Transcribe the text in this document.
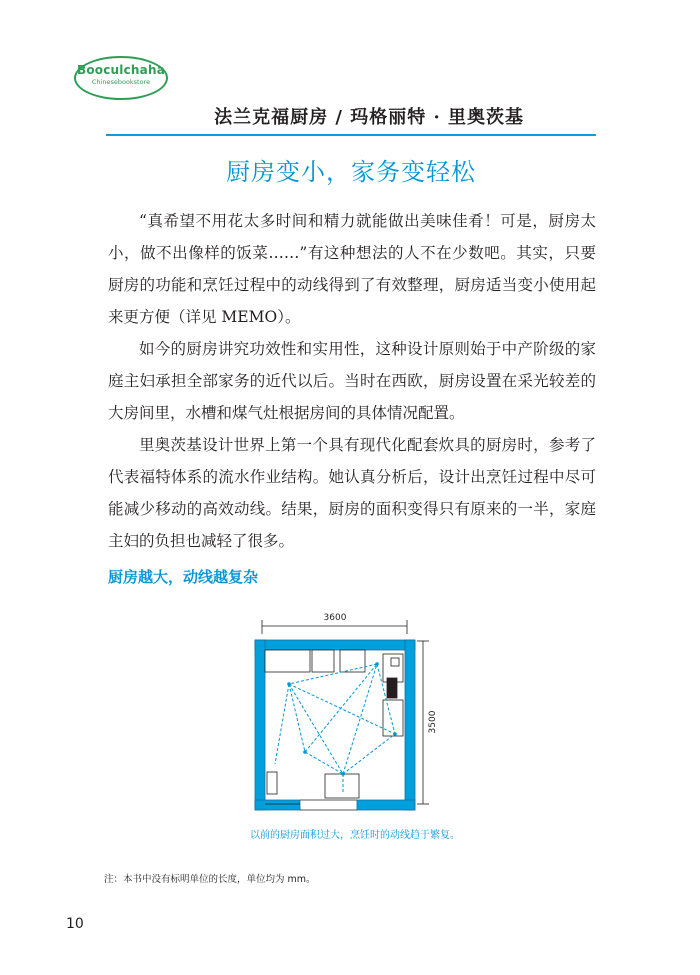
Booculchaha
Chinesebookstore
法兰克福厨房 / 玛格丽特 · 里奥茨基
厨房变小，家务变轻松

“真希望不用花太多时间和精力就能做出美味佳肴！可是，厨房太小，做不出像样的饭菜……”有这种想法的人不在少数吧。其实，只要厨房的功能和烹饪过程中的动线得到了有效整理，厨房适当变小使用起来更方便（详见 MEMO）。

如今的厨房讲究功效性和实用性，这种设计原则始于中产阶级的家庭主妇承担全部家务的近代以后。当时在西欧，厨房设置在采光较差的大房间里，水槽和煤气灶根据房间的具体情况配置。

里奥茨基设计世界上第一个具有现代化配套炊具的厨房时，参考了代表福特体系的流水作业结构。她认真分析后，设计出烹饪过程中尽可能减少移动的高效动线。结果，厨房的面积变得只有原来的一半，家庭主妇的负担也减轻了很多。

厨房越大，动线越复杂
3600
3500
以前的厨房面积过大，烹饪时的动线趋于繁复。
注：本书中没有标明单位的长度，单位均为 mm。
10
